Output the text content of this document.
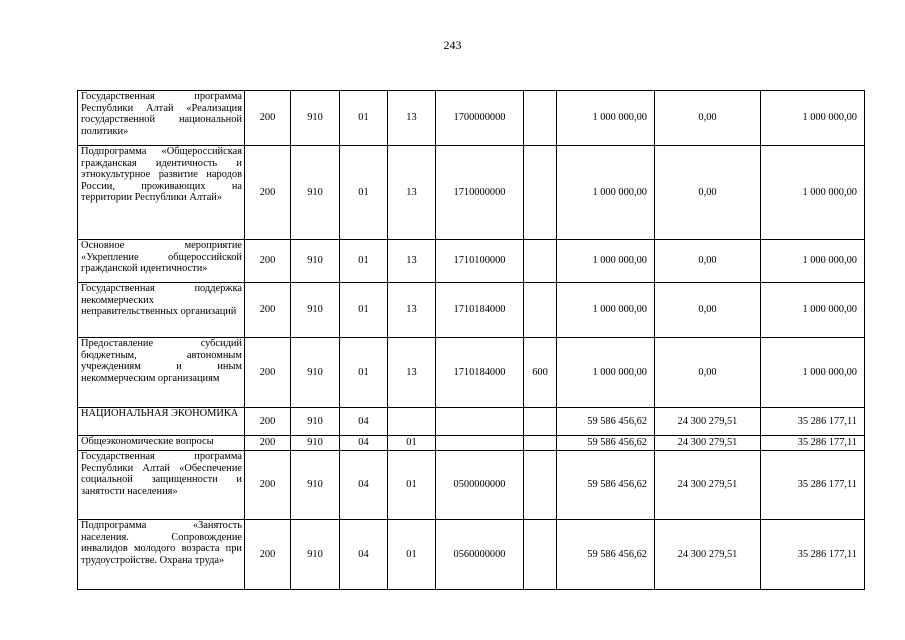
243
Государственная программа Республики Алтай «Реализация государственной национальной политики»	200	910	01	13	1700000000		1 000 000,00	0,00	1 000 000,00
Подпрограмма «Общероссийская гражданская идентичность и этнокультурное развитие народов России, проживающих на территории Республики Алтай»	200	910	01	13	1710000000		1 000 000,00	0,00	1 000 000,00
Основное мероприятие «Укрепление общероссийской гражданской идентичности»	200	910	01	13	1710100000		1 000 000,00	0,00	1 000 000,00
Государственная поддержка некоммерческих неправительственных организаций	200	910	01	13	1710184000		1 000 000,00	0,00	1 000 000,00
Предоставление субсидий бюджетным, автономным учреждениям и иным некоммерческим организациям	200	910	01	13	1710184000	600	1 000 000,00	0,00	1 000 000,00
НАЦИОНАЛЬНАЯ ЭКОНОМИКА	200	910	04				59 586 456,62	24 300 279,51	35 286 177,11
Общеэкономические вопросы	200	910	04	01			59 586 456,62	24 300 279,51	35 286 177,11
Государственная программа Республики Алтай «Обеспечение социальной защищенности и занятости населения»	200	910	04	01	0500000000		59 586 456,62	24 300 279,51	35 286 177,11
Подпрограмма «Занятость населения. Сопровождение инвалидов молодого возраста при трудоустройстве. Охрана труда»	200	910	04	01	0560000000		59 586 456,62	24 300 279,51	35 286 177,11
